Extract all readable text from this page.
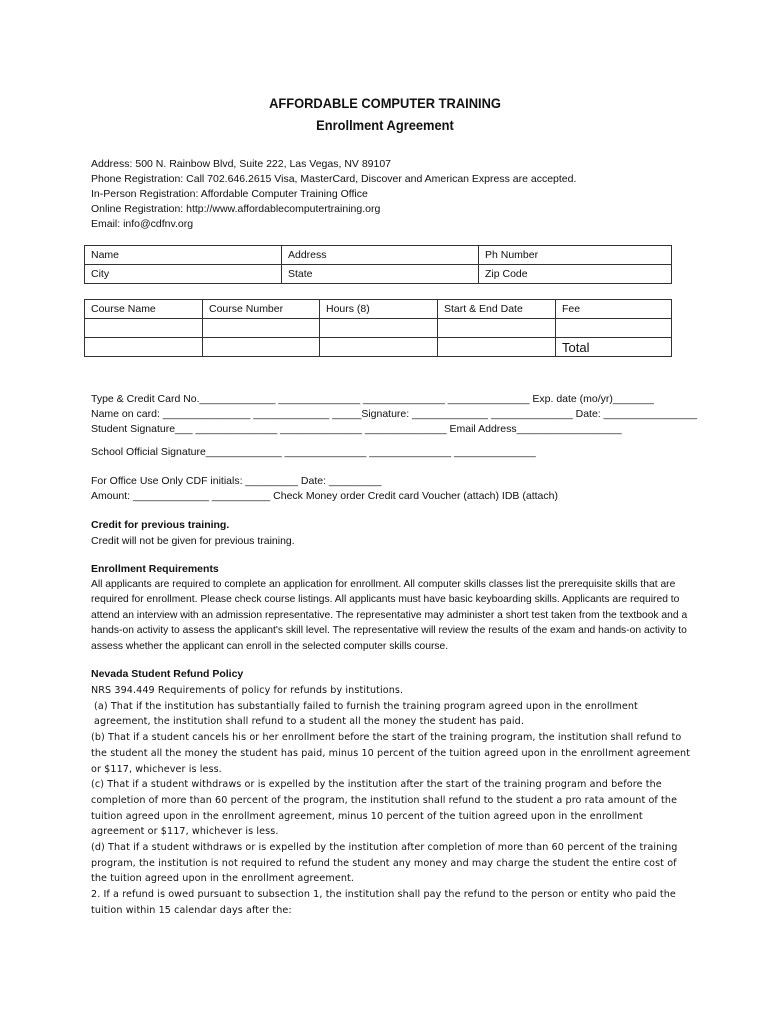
AFFORDABLE COMPUTER TRAINING
Enrollment Agreement
Address: 500 N. Rainbow Blvd, Suite 222, Las Vegas, NV 89107
Phone Registration: Call 702.646.2615 Visa, MasterCard, Discover and American Express are accepted.
In-Person Registration: Affordable Computer Training Office
Online Registration: http://www.affordablecomputertraining.org
Email: info@cdfnv.org
Name	Address	Ph Number
City	State	Zip Code
Course Name	Course Number	Hours (8)	Start & End Date	Fee

				Total
Type & Credit Card No._____________ ______________ ______________ ______________ Exp. date (mo/yr)_______
Name on card: _______________ _____________ _____Signature: _____________ ______________ Date: ________________
Student Signature___ ______________ ______________ ______________ Email Address__________________
School Official Signature_____________ ______________ ______________ ______________
For Office Use Only CDF initials: _________ Date: _________
Amount: _____________ __________ Check Money order Credit card Voucher (attach) IDB (attach)
Credit for previous training.
Credit will not be given for previous training.
Enrollment Requirements
All applicants are required to complete an application for enrollment. All computer skills classes list the prerequisite skills that are required for enrollment. Please check course listings. All applicants must have basic keyboarding skills. Applicants are required to attend an interview with an admission representative. The representative may administer a short test taken from the textbook and a hands-on activity to assess the applicant's skill level. The representative will review the results of the exam and hands-on activity to assess whether the applicant can enroll in the selected computer skills course.
Nevada Student Refund Policy

NRS 394.449 Requirements of policy for refunds by institutions.

(a) That if the institution has substantially failed to furnish the training program agreed upon in the enrollment agreement, the institution shall refund to a student all the money the student has paid.

(b) That if a student cancels his or her enrollment before the start of the training program, the institution shall refund to the student all the money the student has paid, minus 10 percent of the tuition agreed upon in the enrollment agreement or $117, whichever is less.

(c) That if a student withdraws or is expelled by the institution after the start of the training program and before the completion of more than 60 percent of the program, the institution shall refund to the student a pro rata amount of the tuition agreed upon in the enrollment agreement, minus 10 percent of the tuition agreed upon in the enrollment agreement or $117, whichever is less.

(d) That if a student withdraws or is expelled by the institution after completion of more than 60 percent of the training program, the institution is not required to refund the student any money and may charge the student the entire cost of the tuition agreed upon in the enrollment agreement.

2. If a refund is owed pursuant to subsection 1, the institution shall pay the refund to the person or entity who paid the tuition within 15 calendar days after the:
